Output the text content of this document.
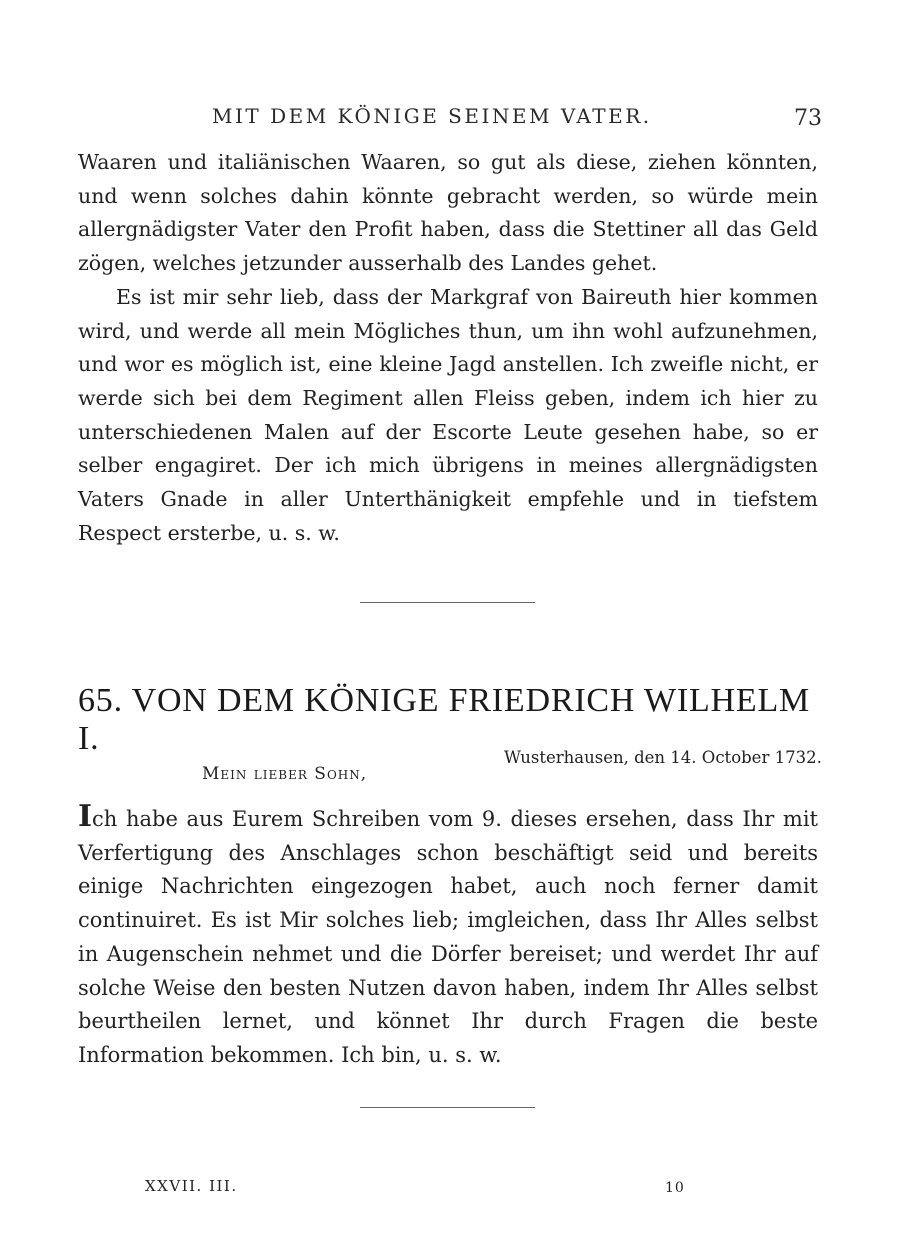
MIT DEM KÖNIGE SEINEM VATER.	73

Waaren und italiänischen Waaren, so gut als diese, ziehen könnten, und wenn solches dahin könnte gebracht werden, so würde mein allergnädigster Vater den Profit haben, dass die Stettiner all das Geld zögen, welches jetzunder ausserhalb des Landes gehet.

Es ist mir sehr lieb, dass der Markgraf von Baireuth hier kommen wird, und werde all mein Mögliches thun, um ihn wohl aufzunehmen, und wor es möglich ist, eine kleine Jagd anstellen. Ich zweifle nicht, er werde sich bei dem Regiment allen Fleiss geben, indem ich hier zu unterschiedenen Malen auf der Escorte Leute gesehen habe, so er selber engagiret. Der ich mich übrigens in meines allergnädigsten Vaters Gnade in aller Unterthänigkeit empfehle und in tiefstem Respect ersterbe, u. s. w.

65. VON DEM KÖNIGE FRIEDRICH WILHELM I.
Wusterhausen, den 14. October 1732.
Mein lieber Sohn,

Ich habe aus Eurem Schreiben vom 9. dieses ersehen, dass Ihr mit Verfertigung des Anschlages schon beschäftigt seid und bereits einige Nachrichten eingezogen habet, auch noch ferner damit continuiret. Es ist Mir solches lieb; imgleichen, dass Ihr Alles selbst in Augenschein nehmet und die Dörfer bereiset; und werdet Ihr auf solche Weise den besten Nutzen davon haben, indem Ihr Alles selbst beurtheilen lernet, und könnet Ihr durch Fragen die beste Information bekommen. Ich bin, u. s. w.

XXVII. III.	10
